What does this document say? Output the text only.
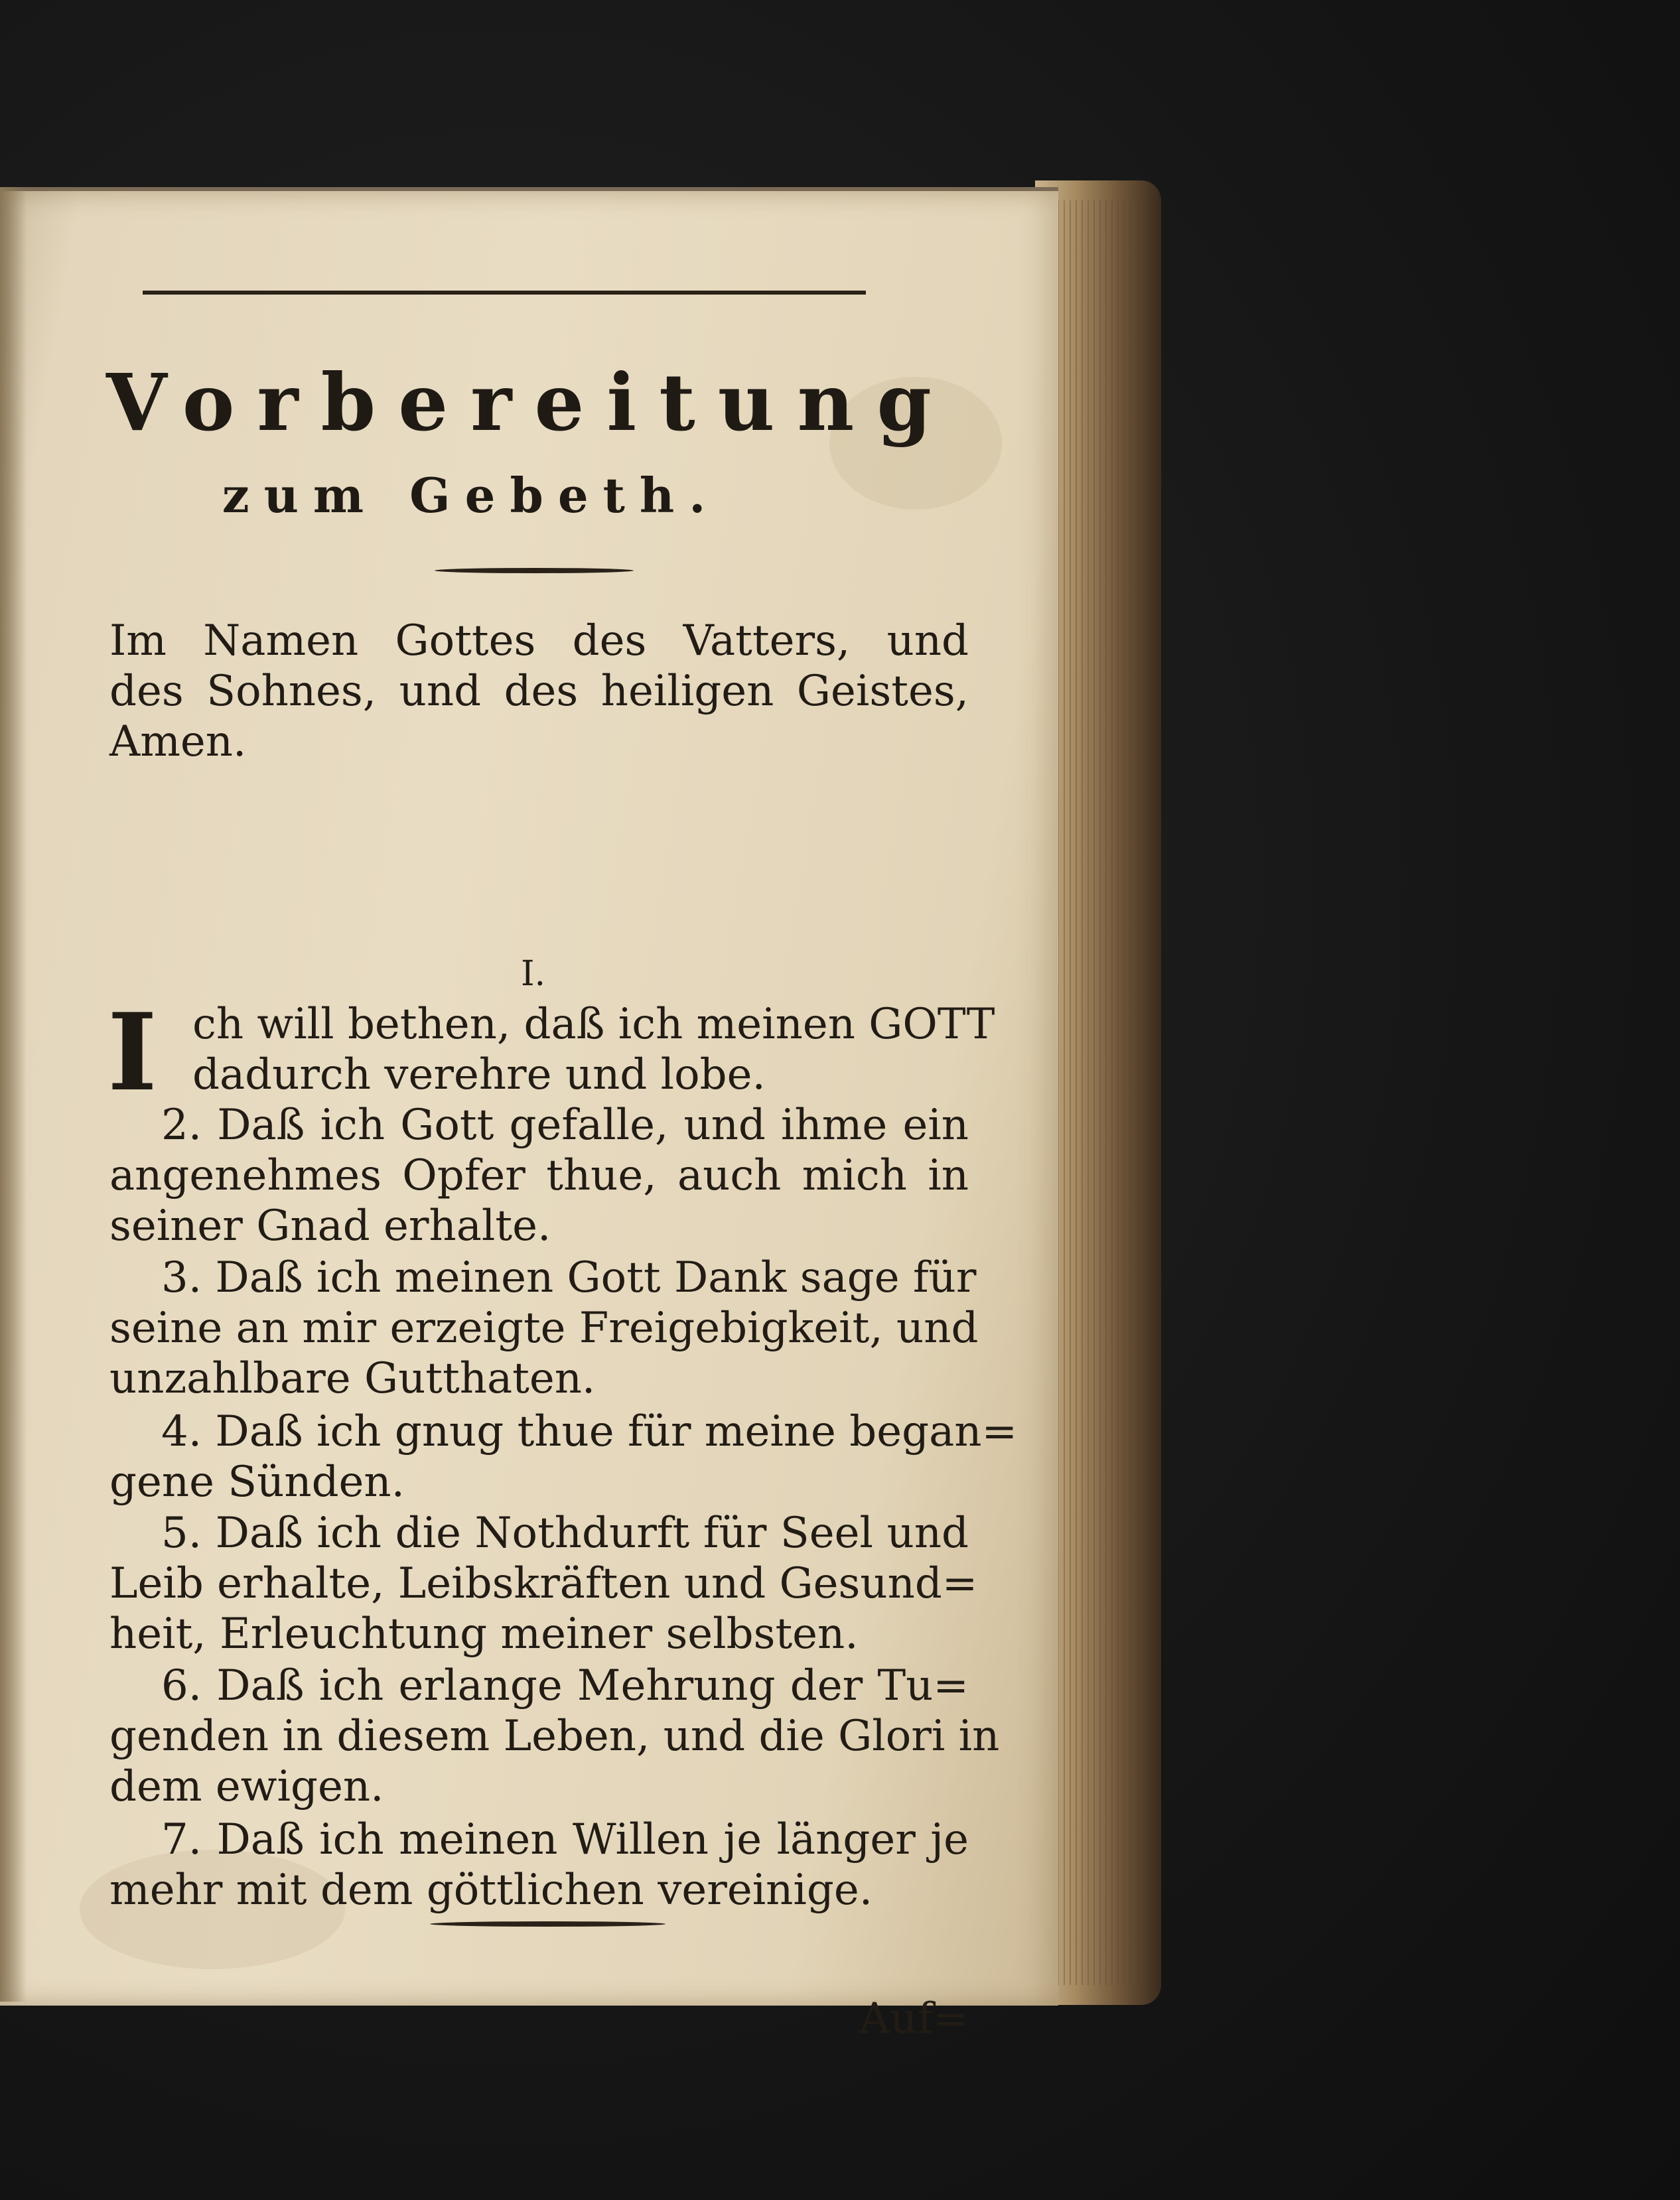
Vorbereitung
zum Gebeth.
Im Namen Gottes des Vatters, und
des Sohnes, und des heiligen Geistes,
Amen.
I.
I ch will bethen, daß ich meinen GOTT
dadurch verehre und lobe.
2. Daß ich Gott gefalle, und ihme ein
angenehmes Opfer thue, auch mich in
seiner Gnad erhalte.
3. Daß ich meinen Gott Dank sage für
seine an mir erzeigte Freigebigkeit, und
unzahlbare Gutthaten.
4. Daß ich gnug thue für meine began=
gene Sünden.
5. Daß ich die Nothdurft für Seel und
Leib erhalte, Leibskräften und Gesund=
heit, Erleuchtung meiner selbsten.
6. Daß ich erlange Mehrung der Tu=
genden in diesem Leben, und die Glori in
dem ewigen.
7. Daß ich meinen Willen je länger je
mehr mit dem göttlichen vereinige.
Auf=
